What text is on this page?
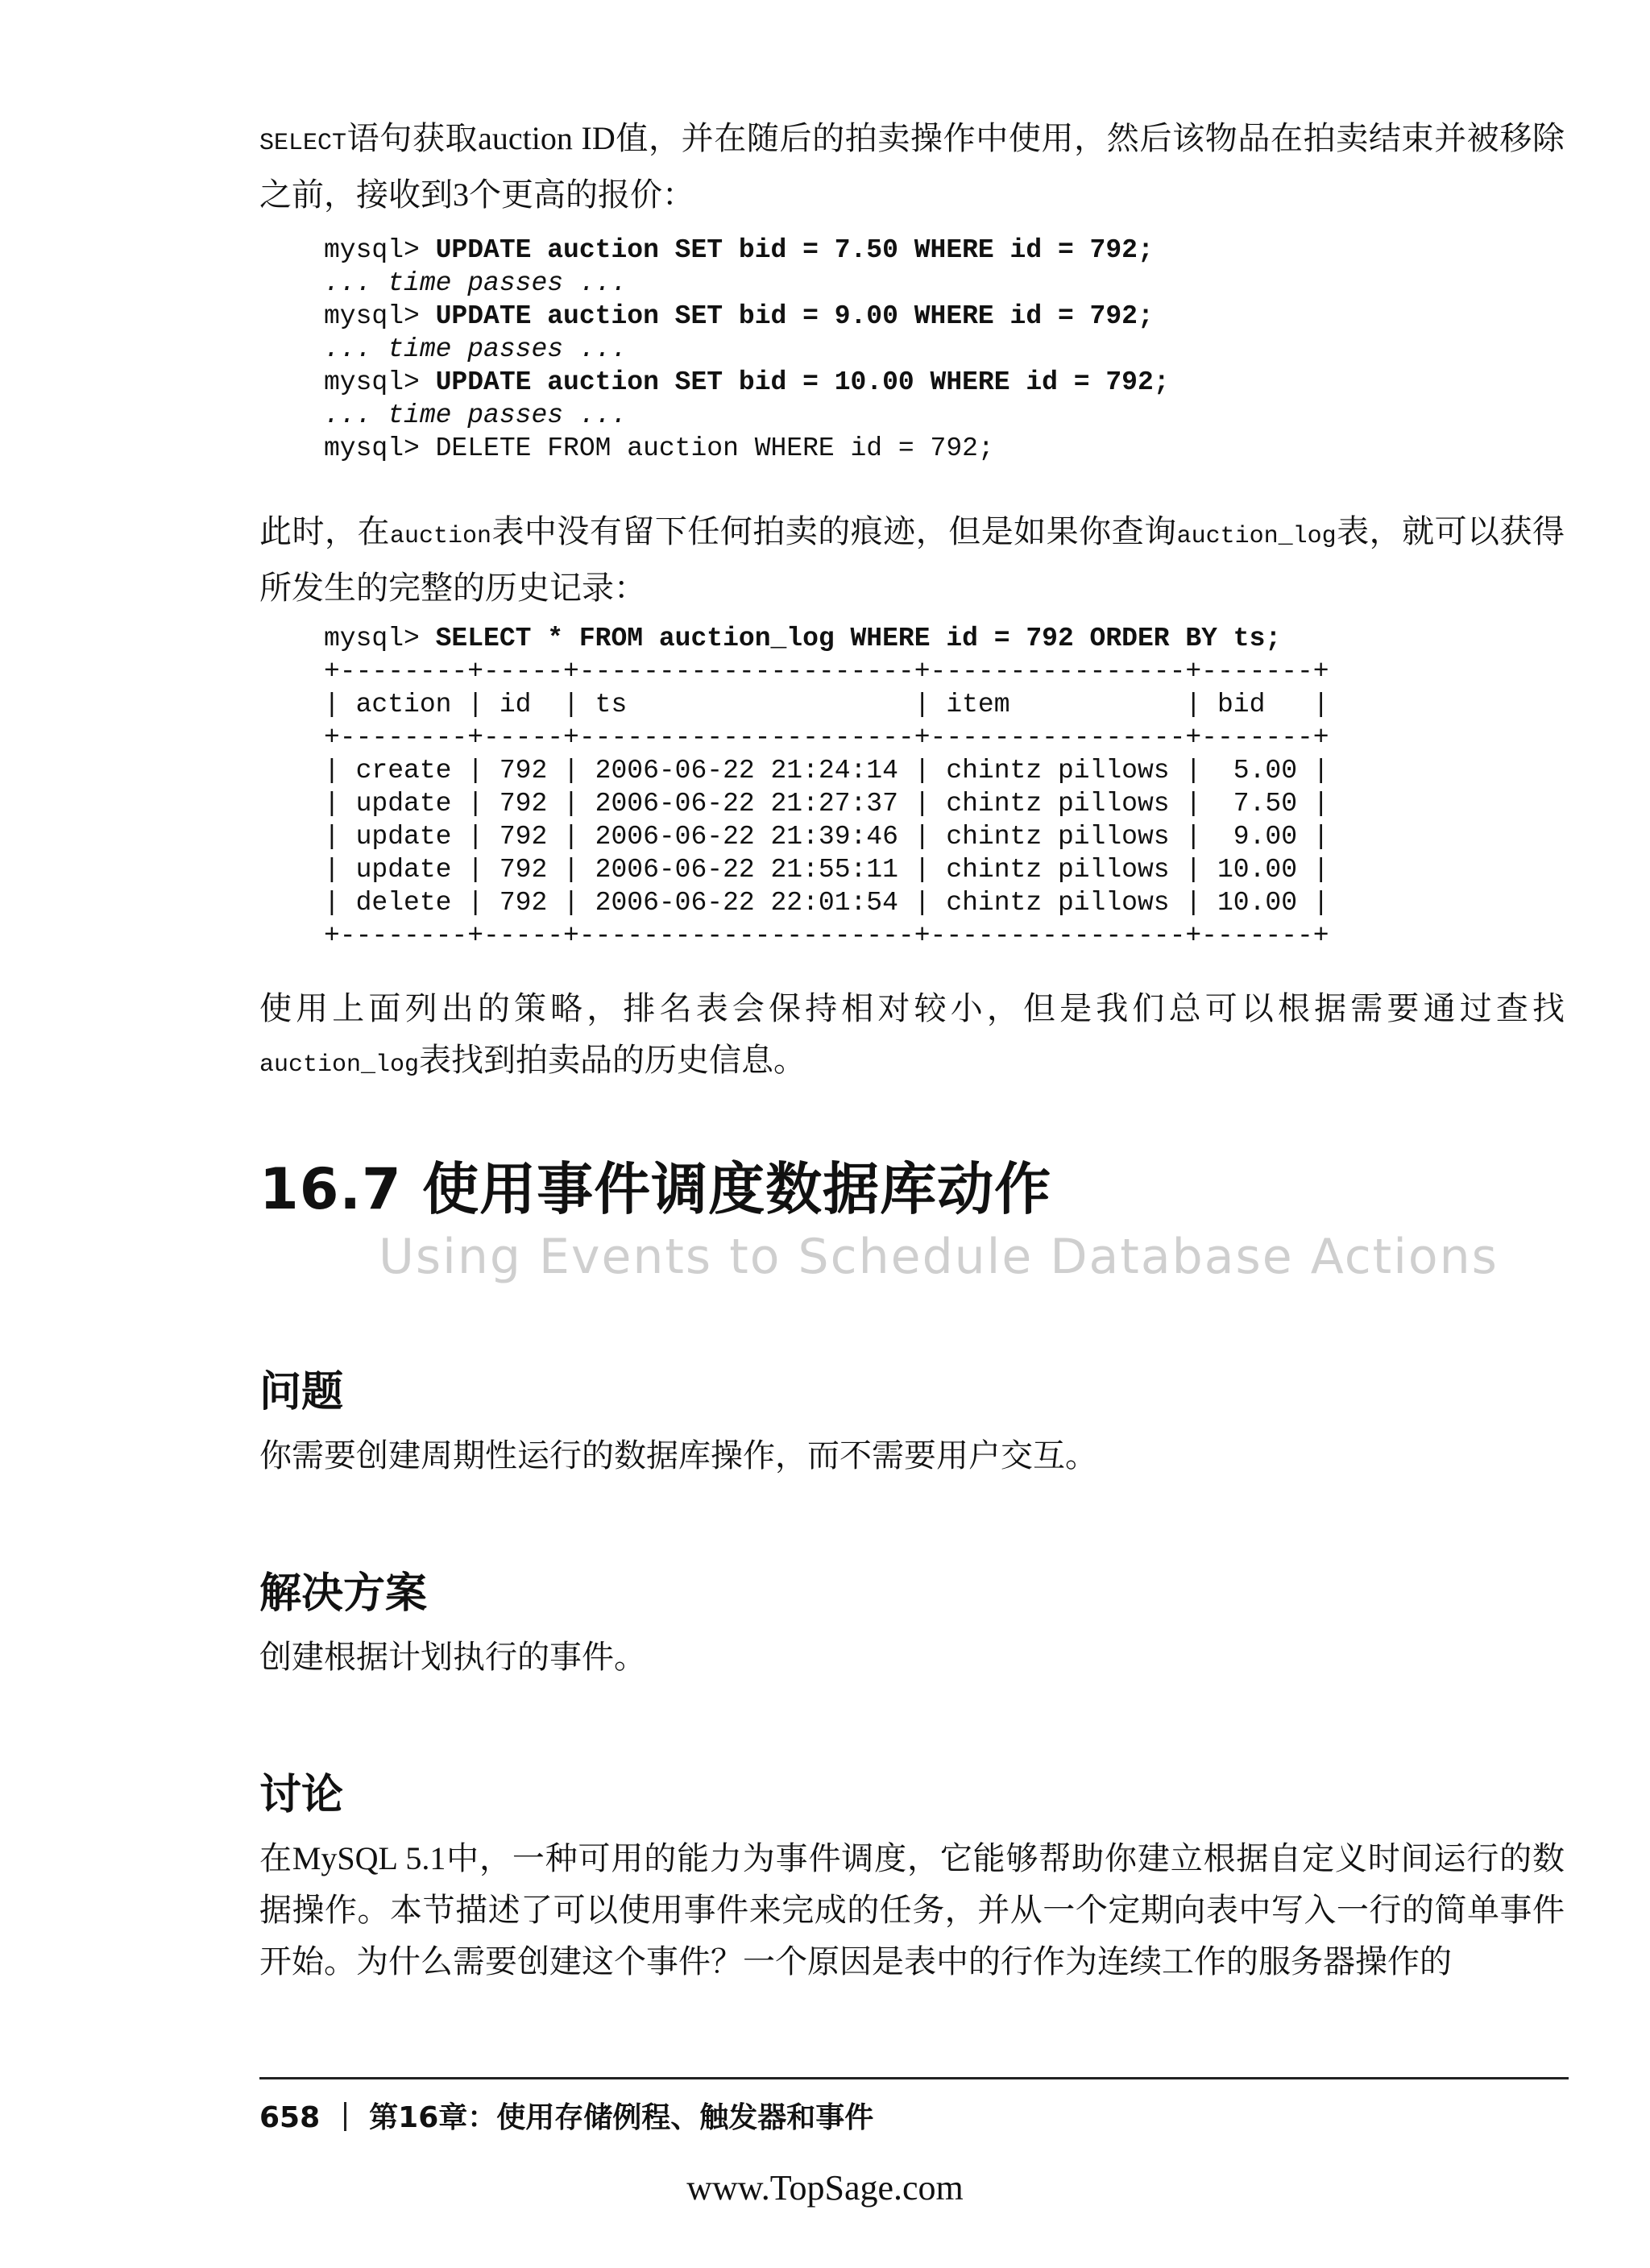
SELECT语句获取auction ID值，并在随后的拍卖操作中使用，然后该物品在拍卖结束并被移除之前，接收到3个更高的报价：

mysql> UPDATE auction SET bid = 7.50 WHERE id = 792;
... time passes ...
mysql> UPDATE auction SET bid = 9.00 WHERE id = 792;
... time passes ...
mysql> UPDATE auction SET bid = 10.00 WHERE id = 792;
... time passes ...
mysql> DELETE FROM auction WHERE id = 792;

此时，在auction表中没有留下任何拍卖的痕迹，但是如果你查询auction_log表，就可以获得所发生的完整的历史记录：

mysql> SELECT * FROM auction_log WHERE id = 792 ORDER BY ts;
+--------+-----+---------------------+----------------+-------+
| action | id  | ts                  | item           | bid   |
+--------+-----+---------------------+----------------+-------+
| create | 792 | 2006-06-22 21:24:14 | chintz pillows |  5.00 |
| update | 792 | 2006-06-22 21:27:37 | chintz pillows |  7.50 |
| update | 792 | 2006-06-22 21:39:46 | chintz pillows |  9.00 |
| update | 792 | 2006-06-22 21:55:11 | chintz pillows | 10.00 |
| delete | 792 | 2006-06-22 22:01:54 | chintz pillows | 10.00 |
+--------+-----+---------------------+----------------+-------+

使用上面列出的策略，排名表会保持相对较小，但是我们总可以根据需要通过查找auction_log表找到拍卖品的历史信息。

16.7 使用事件调度数据库动作

Using Events to Schedule Database Actions

问题

你需要创建周期性运行的数据库操作，而不需要用户交互。

解决方案

创建根据计划执行的事件。

讨论

在MySQL 5.1中，一种可用的能力为事件调度，它能够帮助你建立根据自定义时间运行的数据操作。本节描述了可以使用事件来完成的任务，并从一个定期向表中写入一行的简单事件开始。为什么需要创建这个事件？一个原因是表中的行作为连续工作的服务器操作的

658 第16章：使用存储例程、触发器和事件

www.TopSage.com
